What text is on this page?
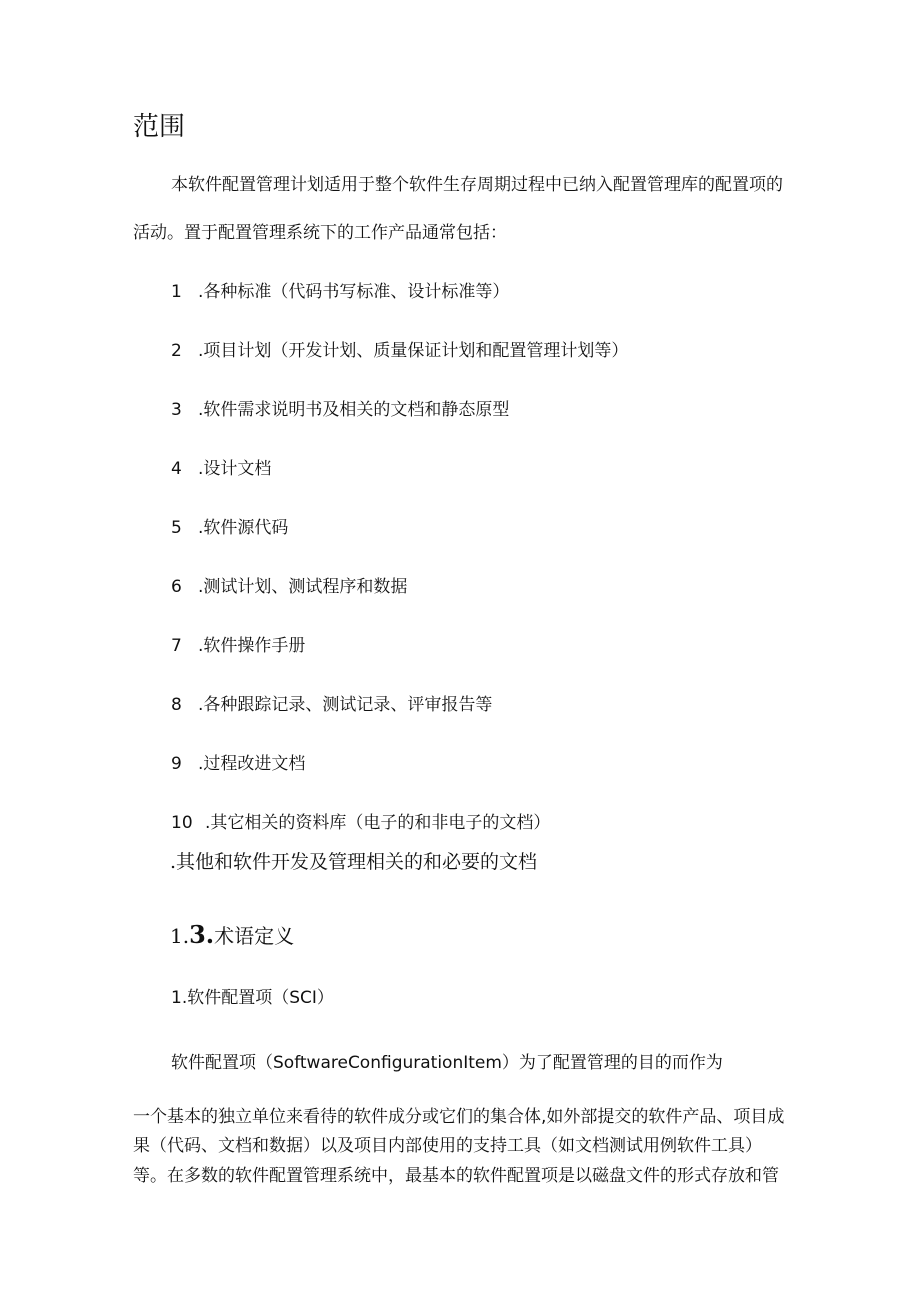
范围
本软件配置管理计划适用于整个软件生存周期过程中已纳入配置管理库的配置项的
活动。置于配置管理系统下的工作产品通常包括：
1 .各种标准（代码书写标准、设计标准等）
2 .项目计划（开发计划、质量保证计划和配置管理计划等）
3 .软件需求说明书及相关的文档和静态原型
4 .设计文档
5 .软件源代码
6 .测试计划、测试程序和数据
7 .软件操作手册
8 .各种跟踪记录、测试记录、评审报告等
9 .过程改进文档
10 .其它相关的资料库（电子的和非电子的文档）
.其他和软件开发及管理相关的和必要的文档
1.3.术语定义
1.软件配置项（SCI）
软件配置项（SoftwareConfigurationItem）为了配置管理的目的而作为
一个基本的独立单位来看待的软件成分或它们的集合体,如外部提交的软件产品、项目成
果（代码、文档和数据）以及项目内部使用的支持工具（如文档测试用例软件工具）
等。在多数的软件配置管理系统中，最基本的软件配置项是以磁盘文件的形式存放和管
